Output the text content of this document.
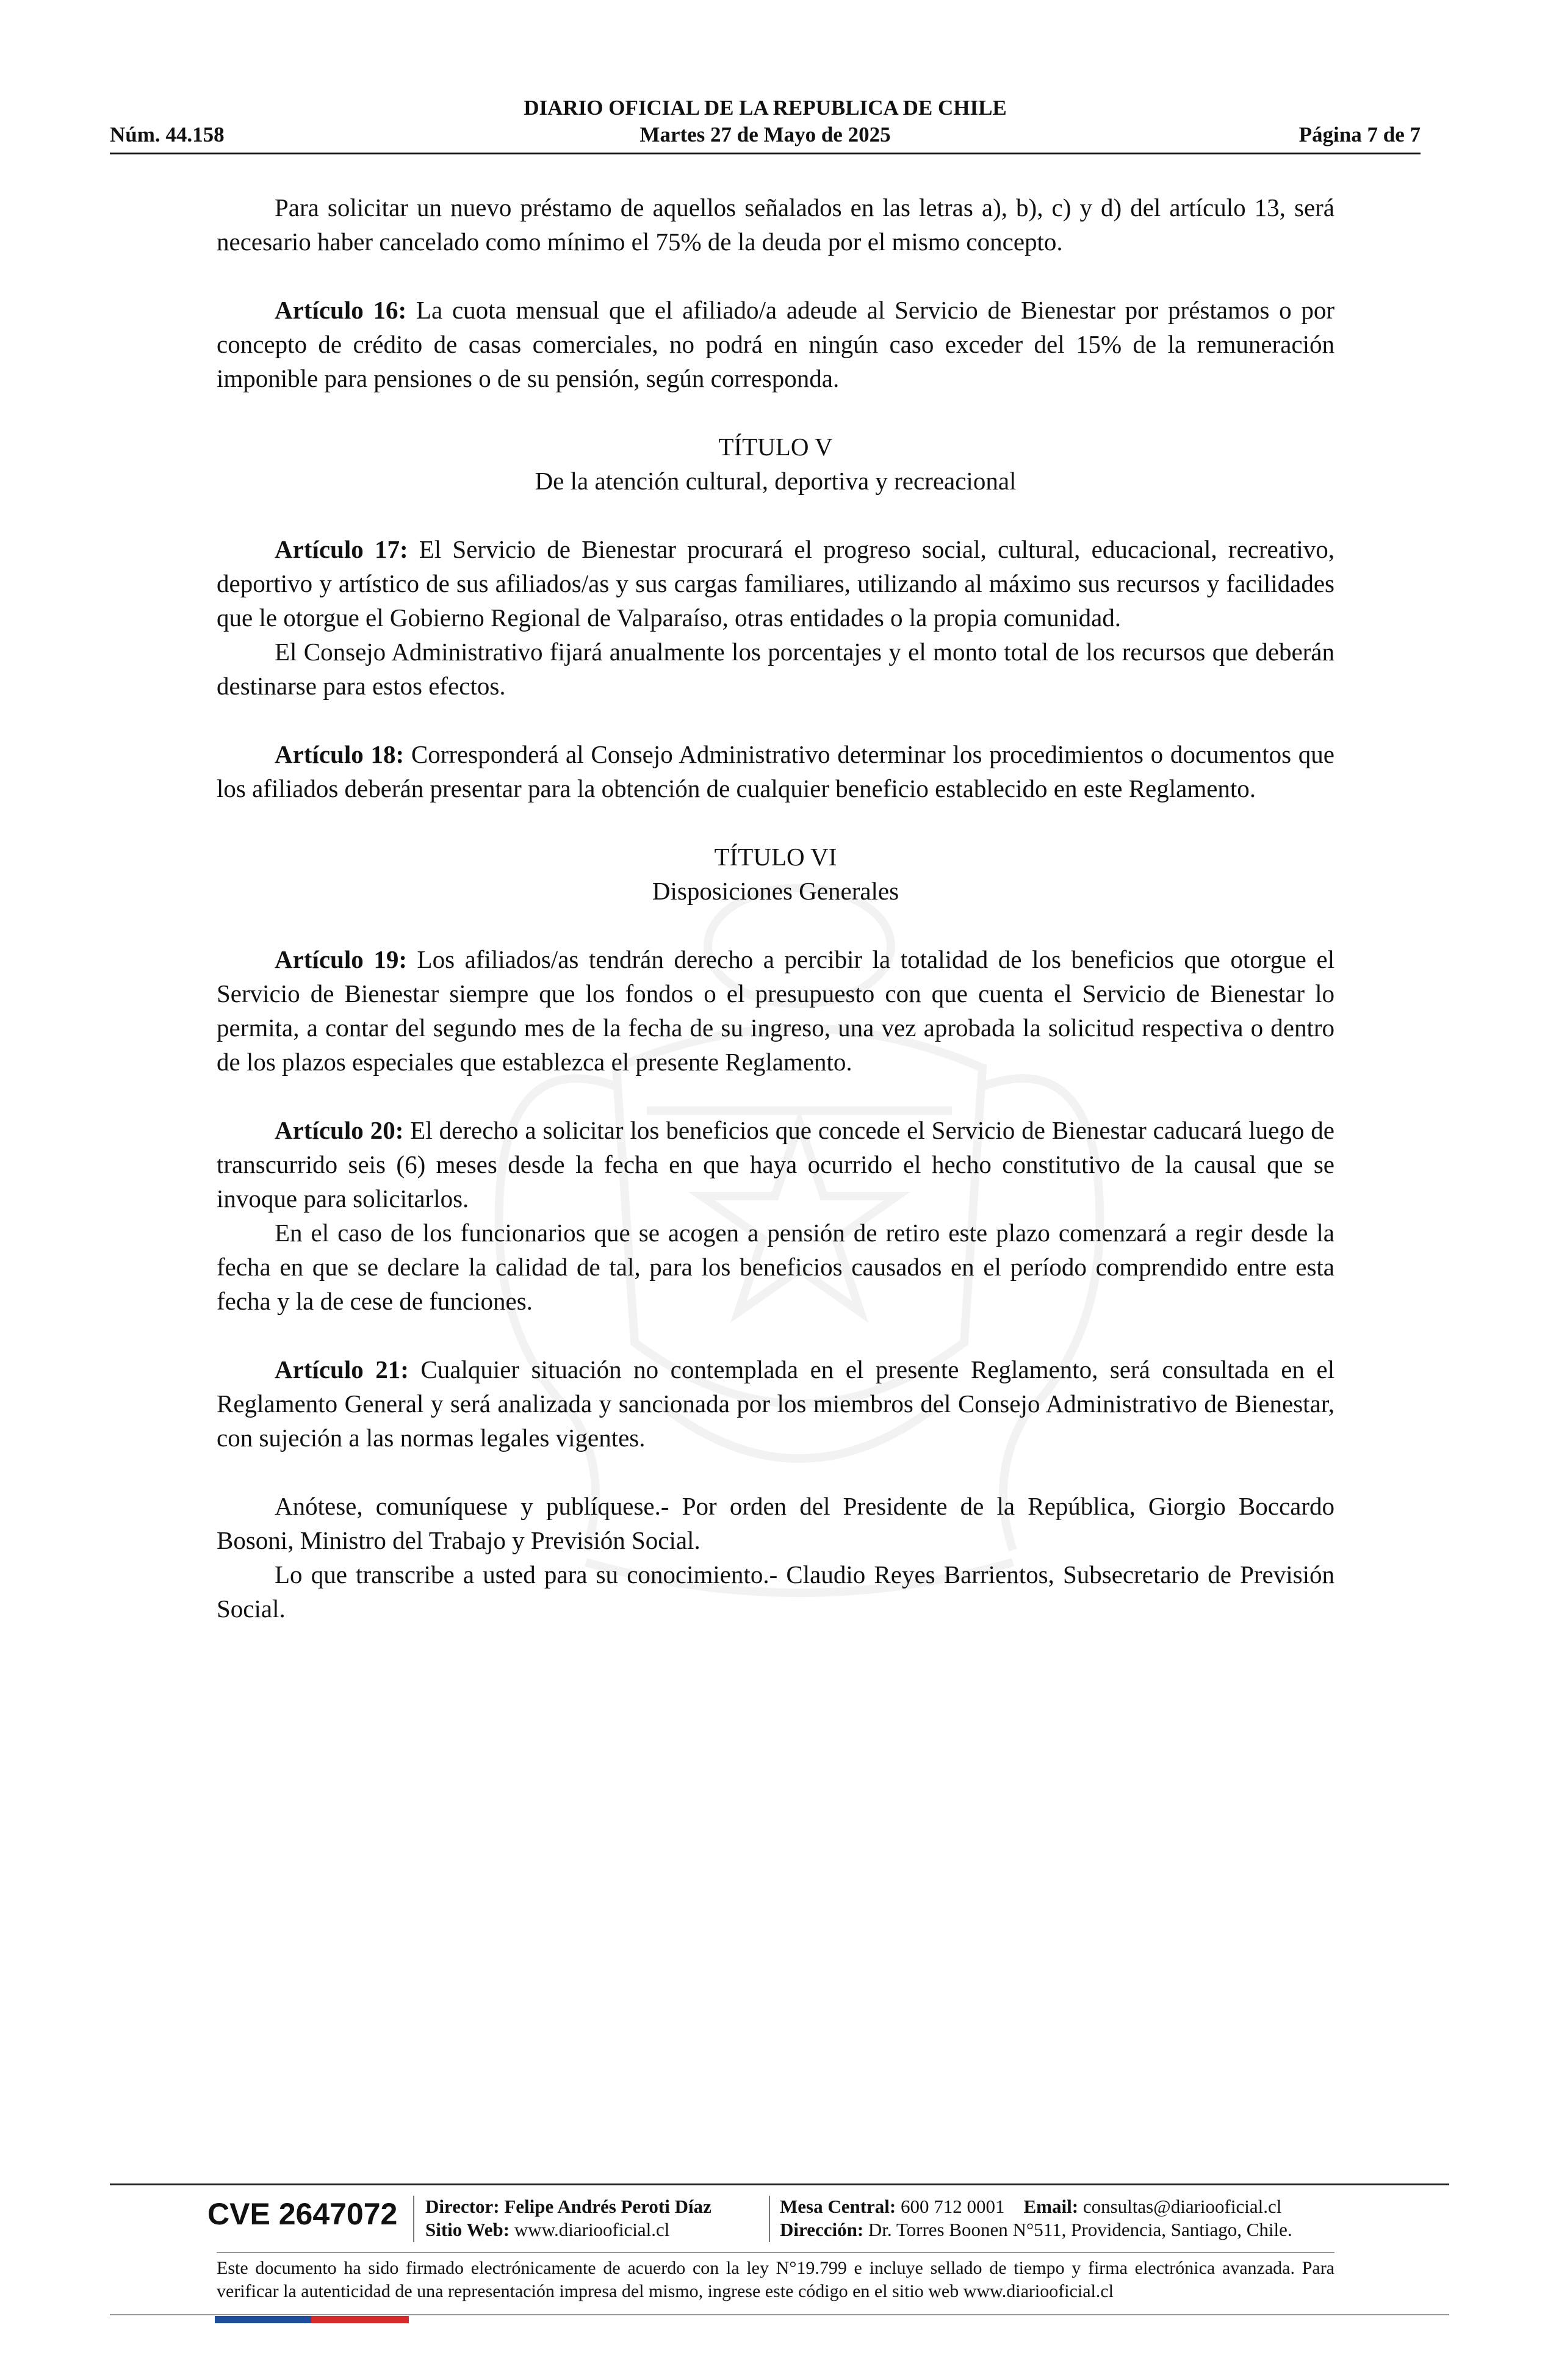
DIARIO OFICIAL DE LA REPUBLICA DE CHILE
Núm. 44.158	Martes 27 de Mayo de 2025	Página 7 de 7

Para solicitar un nuevo préstamo de aquellos señalados en las letras a), b), c) y d) del artículo 13, será necesario haber cancelado como mínimo el 75% de la deuda por el mismo concepto.

Artículo 16: La cuota mensual que el afiliado/a adeude al Servicio de Bienestar por préstamos o por concepto de crédito de casas comerciales, no podrá en ningún caso exceder del 15% de la remuneración imponible para pensiones o de su pensión, según corresponda.

TÍTULO V
De la atención cultural, deportiva y recreacional

Artículo 17: El Servicio de Bienestar procurará el progreso social, cultural, educacional, recreativo, deportivo y artístico de sus afiliados/as y sus cargas familiares, utilizando al máximo sus recursos y facilidades que le otorgue el Gobierno Regional de Valparaíso, otras entidades o la propia comunidad.

El Consejo Administrativo fijará anualmente los porcentajes y el monto total de los recursos que deberán destinarse para estos efectos.

Artículo 18: Corresponderá al Consejo Administrativo determinar los procedimientos o documentos que los afiliados deberán presentar para la obtención de cualquier beneficio establecido en este Reglamento.

TÍTULO VI
Disposiciones Generales

Artículo 19: Los afiliados/as tendrán derecho a percibir la totalidad de los beneficios que otorgue el Servicio de Bienestar siempre que los fondos o el presupuesto con que cuenta el Servicio de Bienestar lo permita, a contar del segundo mes de la fecha de su ingreso, una vez aprobada la solicitud respectiva o dentro de los plazos especiales que establezca el presente Reglamento.

Artículo 20: El derecho a solicitar los beneficios que concede el Servicio de Bienestar caducará luego de transcurrido seis (6) meses desde la fecha en que haya ocurrido el hecho constitutivo de la causal que se invoque para solicitarlos.

En el caso de los funcionarios que se acogen a pensión de retiro este plazo comenzará a regir desde la fecha en que se declare la calidad de tal, para los beneficios causados en el período comprendido entre esta fecha y la de cese de funciones.

Artículo 21: Cualquier situación no contemplada en el presente Reglamento, será consultada en el Reglamento General y será analizada y sancionada por los miembros del Consejo Administrativo de Bienestar, con sujeción a las normas legales vigentes.

Anótese, comuníquese y publíquese.- Por orden del Presidente de la República, Giorgio Boccardo Bosoni, Ministro del Trabajo y Previsión Social.

Lo que transcribe a usted para su conocimiento.- Claudio Reyes Barrientos, Subsecretario de Previsión Social.

CVE 2647072 Director: Felipe Andrés Peroti Díaz
Sitio Web: www.diariooficial.cl
Mesa Central: 600 712 0001 Email: consultas@diariooficial.cl
Dirección: Dr. Torres Boonen N°511, Providencia, Santiago, Chile.
Este documento ha sido firmado electrónicamente de acuerdo con la ley N°19.799 e incluye sellado de tiempo y firma electrónica avanzada. Para verificar la autenticidad de una representación impresa del mismo, ingrese este código en el sitio web www.diariooficial.cl
